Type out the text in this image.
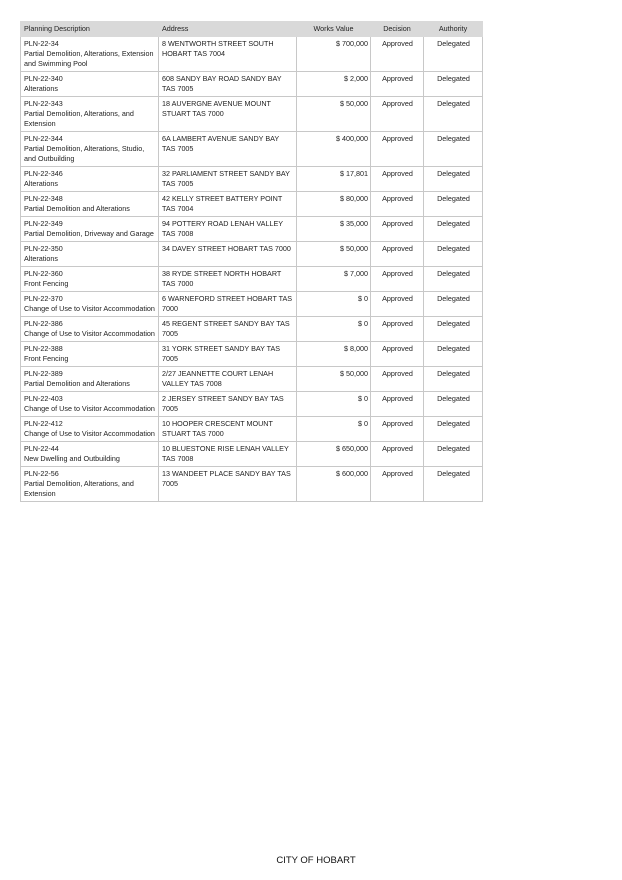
Planning Description	Address	Works Value	Decision	Authority

PLN-22-34
Partial Demolition, Alterations, Extension and Swimming Pool	8 WENTWORTH STREET SOUTH HOBART TAS 7004	$ 700,000	Approved	Delegated

PLN-22-340
Alterations	608 SANDY BAY ROAD SANDY BAY TAS 7005	$ 2,000	Approved	Delegated

PLN-22-343
Partial Demolition, Alterations, and Extension	18 AUVERGNE AVENUE MOUNT STUART TAS 7000	$ 50,000	Approved	Delegated

PLN-22-344
Partial Demolition, Alterations, Studio, and Outbuilding	6A LAMBERT AVENUE SANDY BAY TAS 7005	$ 400,000	Approved	Delegated

PLN-22-346
Alterations	32 PARLIAMENT STREET SANDY BAY TAS 7005	$ 17,801	Approved	Delegated

PLN-22-348
Partial Demolition and Alterations	42 KELLY STREET BATTERY POINT TAS 7004	$ 80,000	Approved	Delegated

PLN-22-349
Partial Demolition, Driveway and Garage	94 POTTERY ROAD LENAH VALLEY TAS 7008	$ 35,000	Approved	Delegated

PLN-22-350
Alterations	34 DAVEY STREET HOBART TAS 7000	$ 50,000	Approved	Delegated

PLN-22-360
Front Fencing	38 RYDE STREET NORTH HOBART TAS 7000	$ 7,000	Approved	Delegated

PLN-22-370
Change of Use to Visitor Accommodation	6 WARNEFORD STREET HOBART TAS 7000	$ 0	Approved	Delegated

PLN-22-386
Change of Use to Visitor Accommodation	45 REGENT STREET SANDY BAY TAS 7005	$ 0	Approved	Delegated

PLN-22-388
Front Fencing	31 YORK STREET SANDY BAY TAS 7005	$ 8,000	Approved	Delegated

PLN-22-389
Partial Demolition and Alterations	2/27 JEANNETTE COURT LENAH VALLEY TAS 7008	$ 50,000	Approved	Delegated

PLN-22-403
Change of Use to Visitor Accommodation	2 JERSEY STREET SANDY BAY TAS 7005	$ 0	Approved	Delegated

PLN-22-412
Change of Use to Visitor Accommodation	10 HOOPER CRESCENT MOUNT STUART TAS 7000	$ 0	Approved	Delegated

PLN-22-44
New Dwelling and Outbuilding	10 BLUESTONE RISE LENAH VALLEY TAS 7008	$ 650,000	Approved	Delegated

PLN-22-56
Partial Demolition, Alterations, and Extension	13 WANDEET PLACE SANDY BAY TAS 7005	$ 600,000	Approved	Delegated
CITY OF HOBART
